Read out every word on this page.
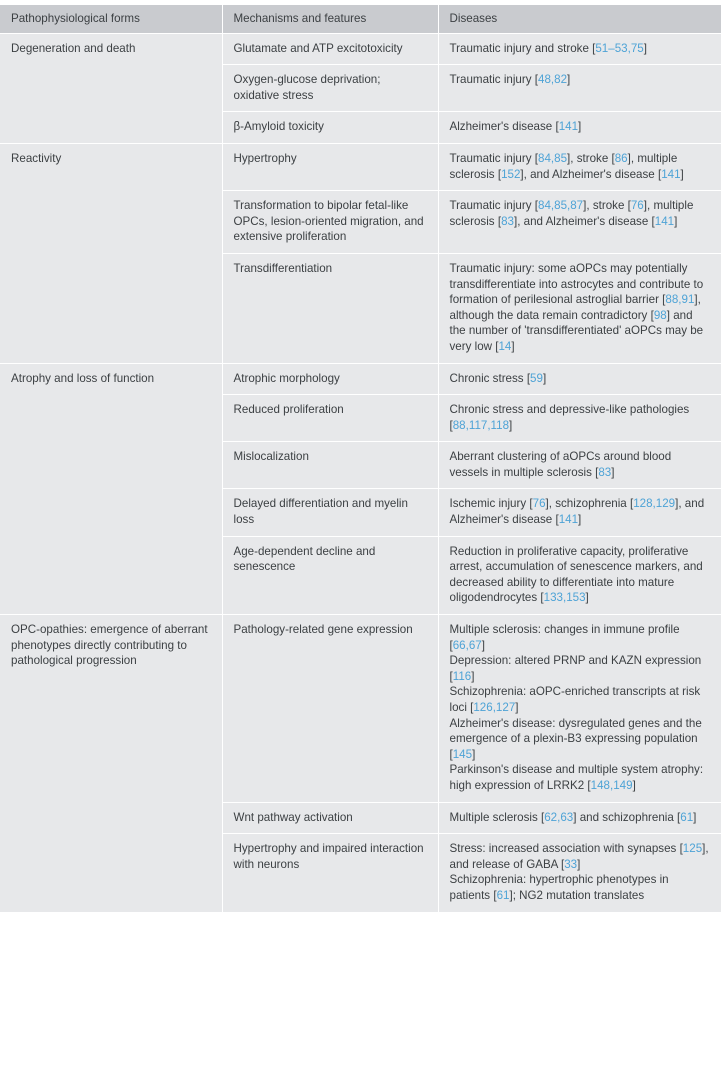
Pathophysiological forms	Mechanisms and features	Diseases
Degeneration and death	Glutamate and ATP excitotoxicity	Traumatic injury and stroke [51–53,75]

	Oxygen-glucose deprivation; oxidative stress	Traumatic injury [48,82]

	β-Amyloid toxicity	Alzheimer's disease [141]

Reactivity	Hypertrophy	Traumatic injury [84,85], stroke [86], multiple sclerosis [152], and Alzheimer's disease [141]

	Transformation to bipolar fetal-like OPCs, lesion-oriented migration, and extensive proliferation	Traumatic injury [84,85,87], stroke [76], multiple sclerosis [83], and Alzheimer's disease [141]

	Transdifferentiation	Traumatic injury: some aOPCs may potentially transdifferentiate into astrocytes and contribute to formation of perilesional astroglial barrier [88,91], although the data remain contradictory [98] and the number of 'transdifferentiated' aOPCs may be very low [14]

Atrophy and loss of function	Atrophic morphology	Chronic stress [59]

	Reduced proliferation	Chronic stress and depressive-like pathologies [88,117,118]

	Mislocalization	Aberrant clustering of aOPCs around blood vessels in multiple sclerosis [83]

	Delayed differentiation and myelin loss	Ischemic injury [76], schizophrenia [128,129], and Alzheimer's disease [141]

	Age-dependent decline and senescence	Reduction in proliferative capacity, proliferative arrest, accumulation of senescence markers, and decreased ability to differentiate into mature oligodendrocytes [133,153]

OPC-opathies: emergence of aberrant phenotypes directly contributing to pathological progression	Pathology-related gene expression	Multiple sclerosis: changes in immune profile [66,67]
Depression: altered PRNP and KAZN expression [116]
Schizophrenia: aOPC-enriched transcripts at risk loci [126,127]
Alzheimer's disease: dysregulated genes and the emergence of a plexin-B3 expressing population [145]
Parkinson's disease and multiple system atrophy: high expression of LRRK2 [148,149]

	Wnt pathway activation	Multiple sclerosis [62,63] and schizophrenia [61]

	Hypertrophy and impaired interaction with neurons	Stress: increased association with synapses [125], and release of GABA [33]
Schizophrenia: hypertrophic phenotypes in patients [61]; NG2 mutation translates
